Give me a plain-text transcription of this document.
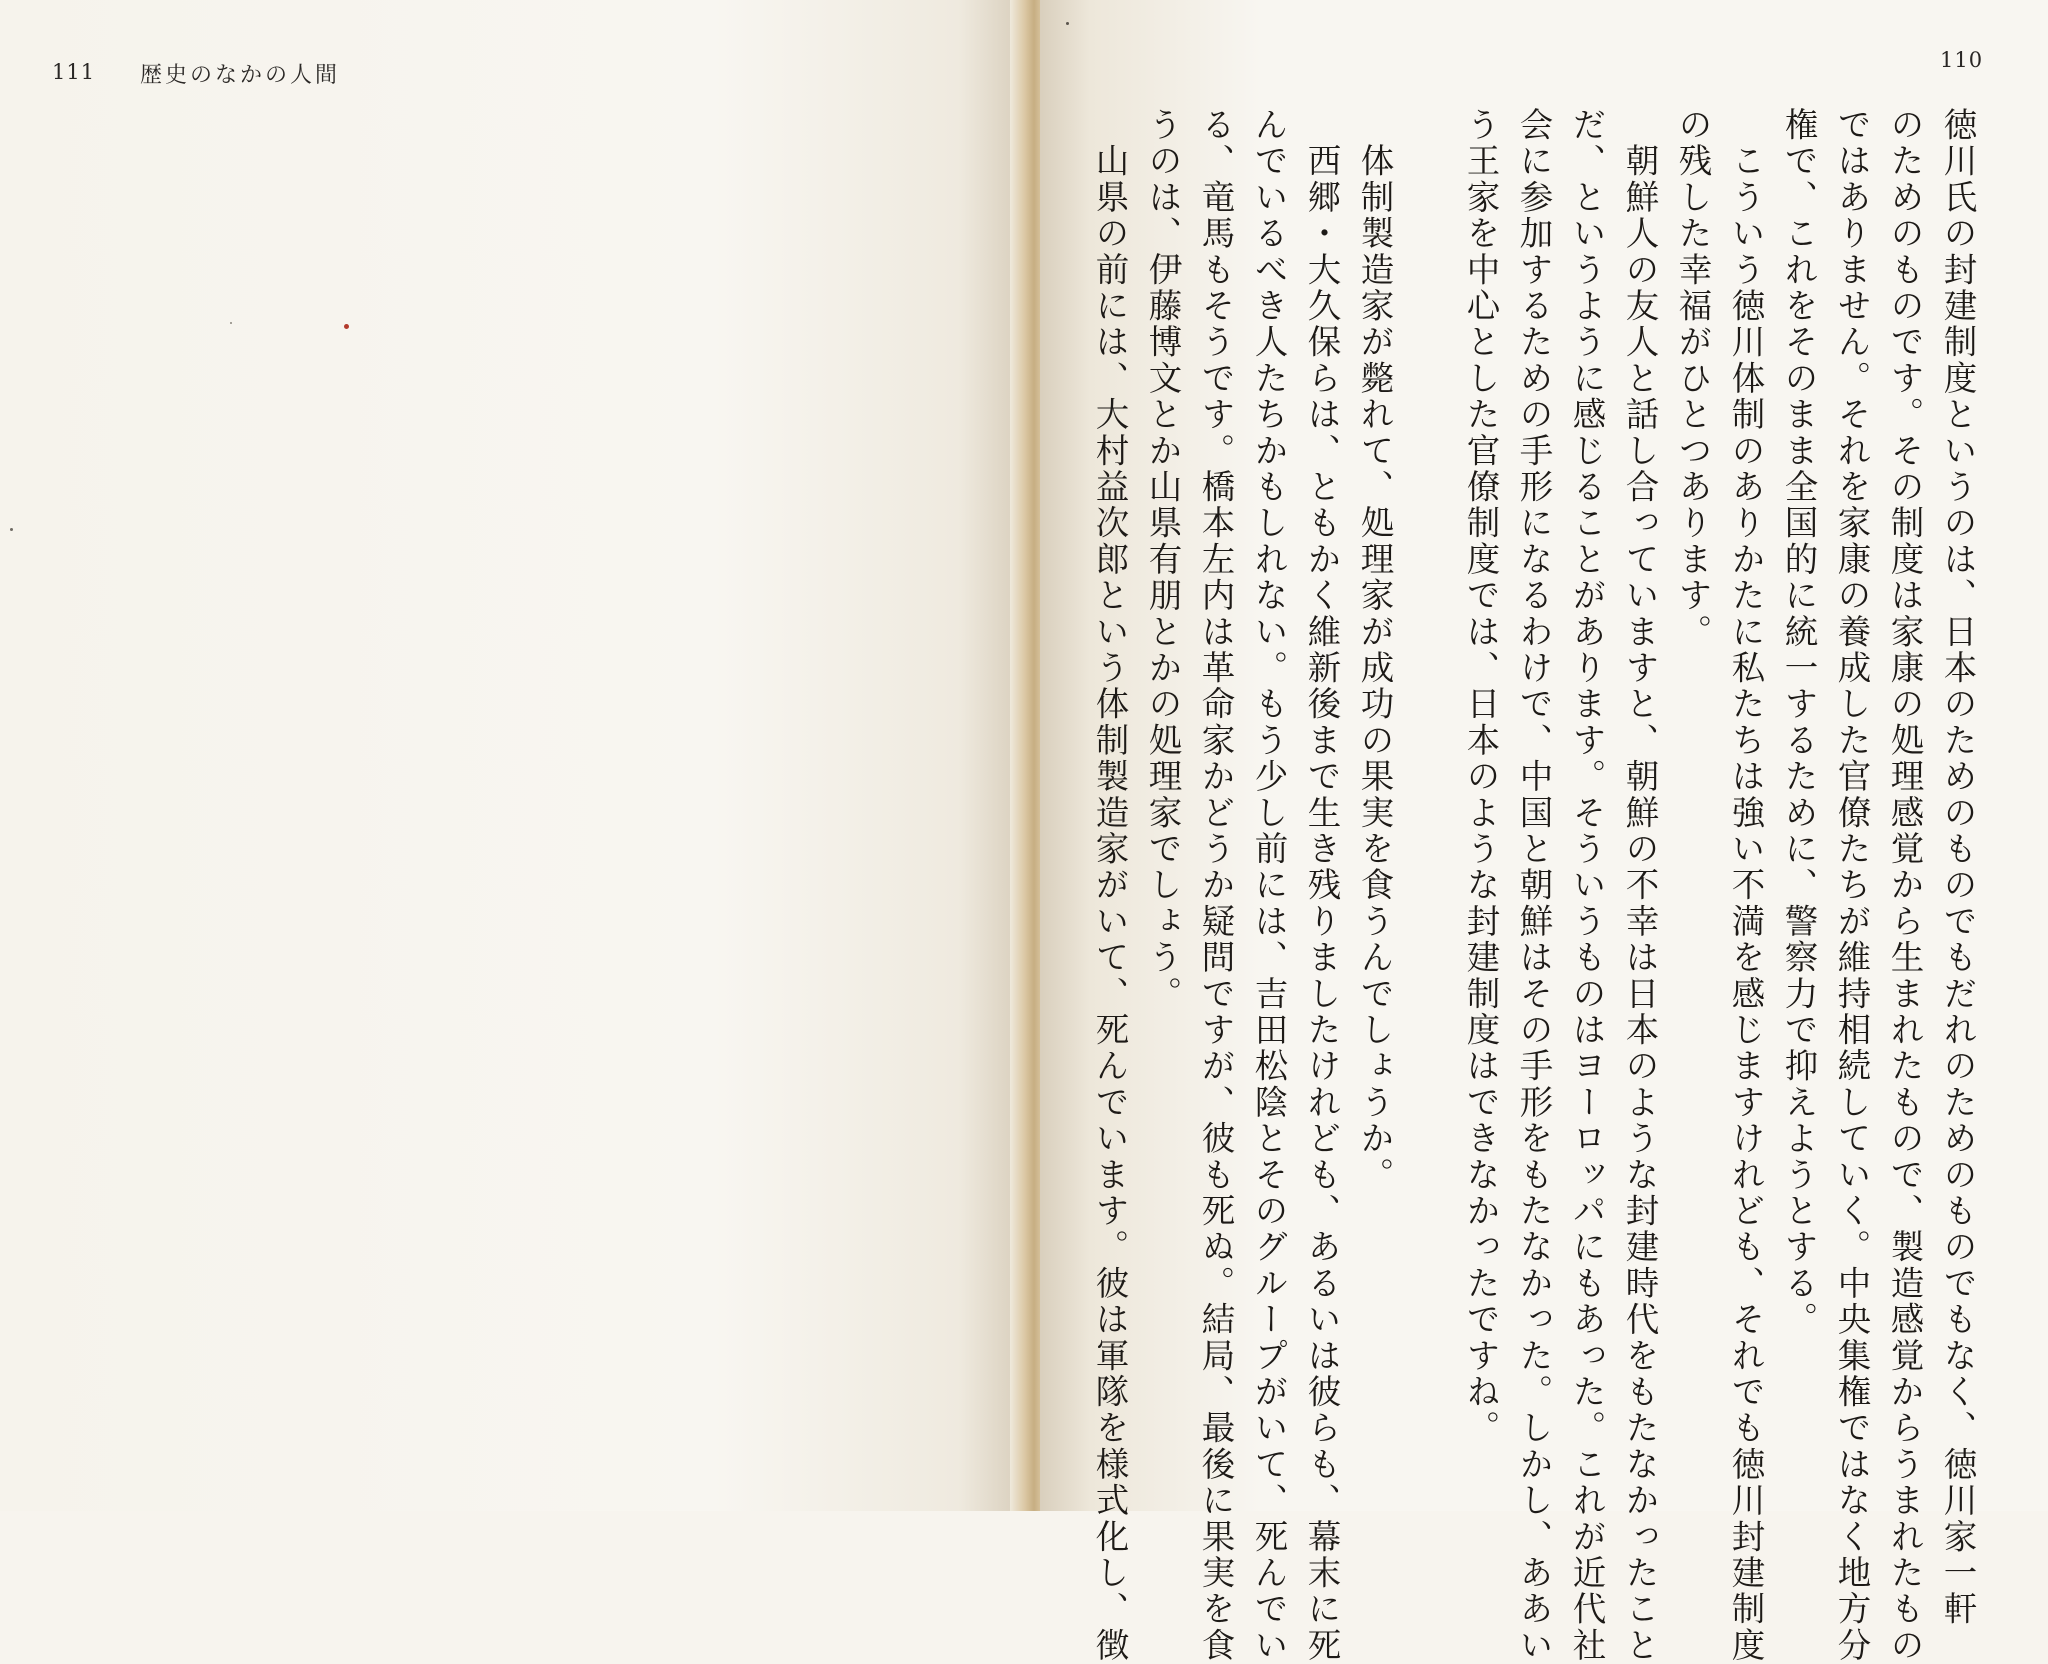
111 歴史のなかの人間

110

徳川氏の封建制度というのは、日本のためのものでもだれのためのものでもなく、徳川家一軒

のためのものです。その制度は家康の処理感覚から生まれたもので、製造感覚からうまれたもの

ではありません。それを家康の養成した官僚たちが維持相続していく。中央集権ではなく地方分

権で、これをそのまま全国的に統一するために、警察力で抑えようとする。

　こういう徳川体制のありかたに私たちは強い不満を感じますけれども、それでも徳川封建制度

の残した幸福がひとつあります。

　朝鮮人の友人と話し合っていますと、朝鮮の不幸は日本のような封建時代をもたなかったこと

だ、というように感じることがあります。そういうものはヨーロッパにもあった。これが近代社

会に参加するための手形になるわけで、中国と朝鮮はその手形をもたなかった。しかし、ああい

う王家を中心とした官僚制度では、日本のような封建制度はできなかったですね。

　体制製造家が斃れて、処理家が成功の果実を食うんでしょうか。

　西郷・大久保らは、ともかく維新後まで生き残りましたけれども、あるいは彼らも、幕末に死

んでいるべき人たちかもしれない。もう少し前には、吉田松陰とそのグループがいて、死んでい

る、竜馬もそうです。橋本左内は革命家かどうか疑問ですが、彼も死ぬ。結局、最後に果実を食

うのは、伊藤博文とか山県有朋とかの処理家でしょう。

　山県の前には、大村益次郎という体制製造家がいて、死んでいます。彼は軍隊を様式化し、徴
